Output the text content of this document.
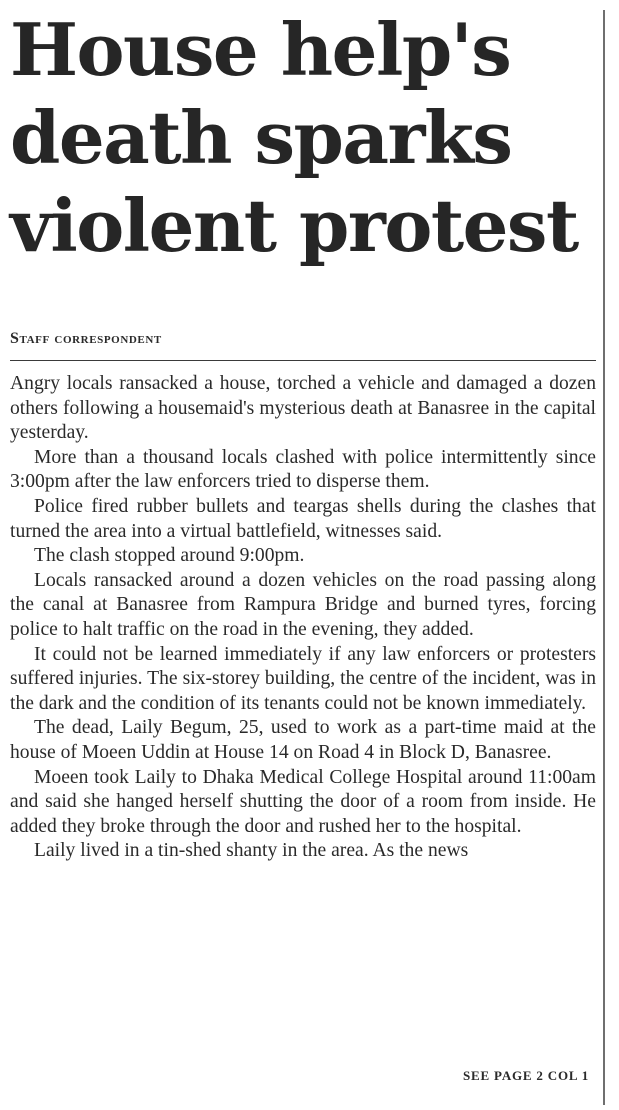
House help's
death sparks
violent protest
Staff correspondent

Angry locals ransacked a house, torched a vehicle and damaged a dozen others following a housemaid's mysterious death at Banasree in the capital yesterday.

More than a thousand locals clashed with police intermittently since 3:00pm after the law enforcers tried to disperse them.

Police fired rubber bullets and teargas shells during the clashes that turned the area into a virtual battlefield, witnesses said.

The clash stopped around 9:00pm.

Locals ransacked around a dozen vehicles on the road passing along the canal at Banasree from Rampura Bridge and burned tyres, forcing police to halt traffic on the road in the evening, they added.

It could not be learned immediately if any law enforcers or protesters suffered injuries. The six-storey building, the centre of the incident, was in the dark and the condition of its tenants could not be known immediately.

The dead, Laily Begum, 25, used to work as a part-time maid at the house of Moeen Uddin at House 14 on Road 4 in Block D, Banasree.

Moeen took Laily to Dhaka Medical College Hospital around 11:00am and said she hanged herself shutting the door of a room from inside. He added they broke through the door and rushed her to the hospital.

Laily lived in a tin-shed shanty in the area. As the news

SEE PAGE 2 COL 1
